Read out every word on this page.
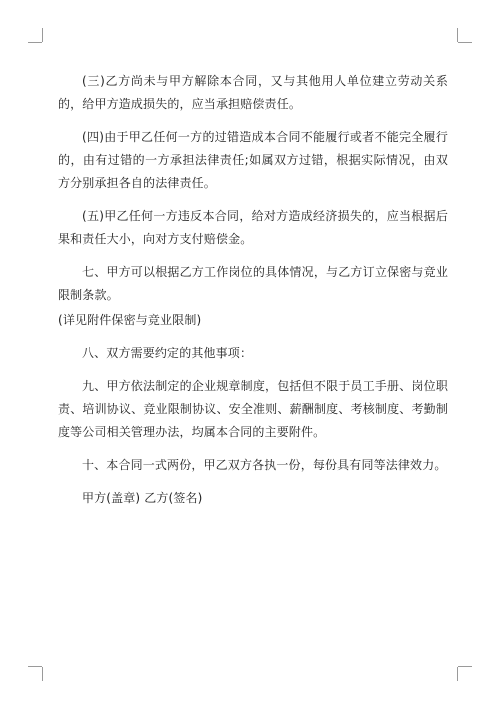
(三)乙方尚未与甲方解除本合同，又与其他用人单位建立劳动关系的，给甲方造成损失的，应当承担赔偿责任。

(四)由于甲乙任何一方的过错造成本合同不能履行或者不能完全履行的，由有过错的一方承担法律责任;如属双方过错，根据实际情况，由双方分别承担各自的法律责任。

(五)甲乙任何一方违反本合同，给对方造成经济损失的，应当根据后果和责任大小，向对方支付赔偿金。

七、甲方可以根据乙方工作岗位的具体情况，与乙方订立保密与竞业限制条款。

(详见附件保密与竞业限制)

八、双方需要约定的其他事项：

九、甲方依法制定的企业规章制度，包括但不限于员工手册、岗位职责、培训协议、竞业限制协议、安全准则、薪酬制度、考核制度、考勤制度等公司相关管理办法，均属本合同的主要附件。

十、本合同一式两份，甲乙双方各执一份，每份具有同等法律效力。

甲方(盖章) 乙方(签名)
